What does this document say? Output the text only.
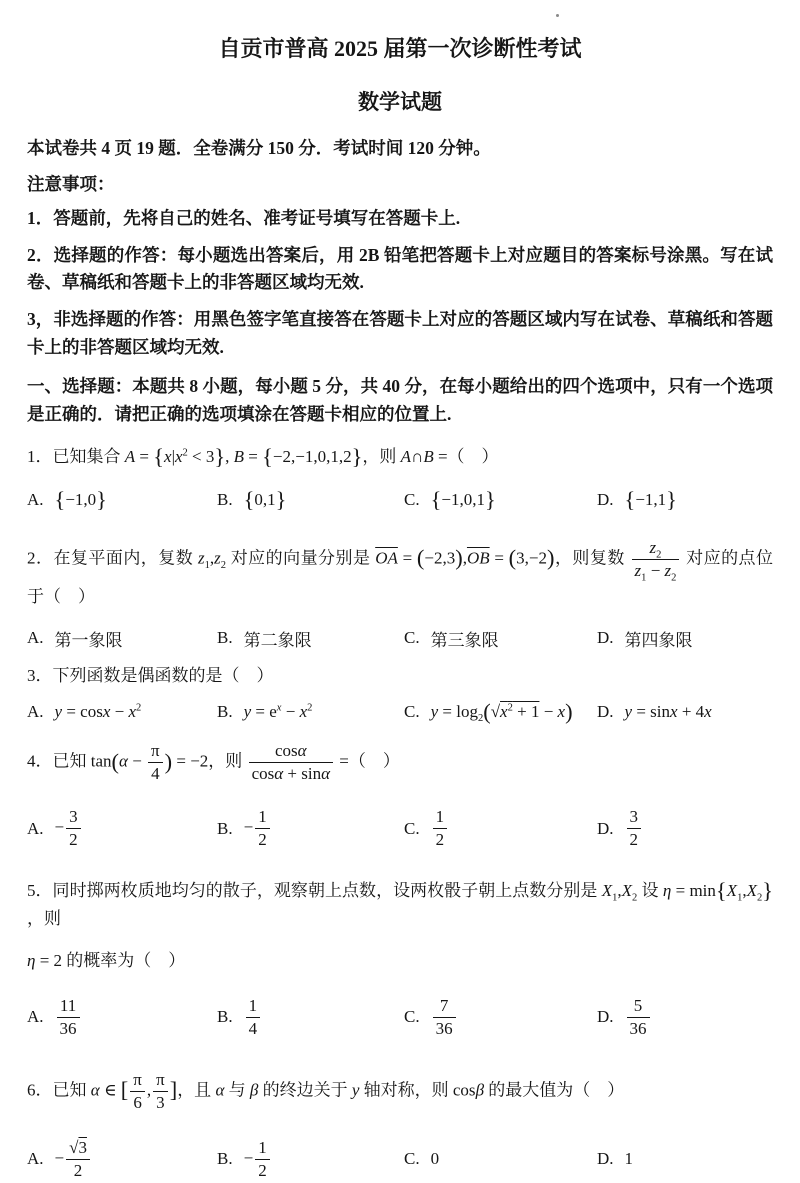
自贡市普高 2025 届第一次诊断性考试
数学试题
本试卷共 4 页 19 题．全卷满分 150 分．考试时间 120 分钟。
注意事项：
1．答题前，先将自己的姓名、准考证号填写在答题卡上.
2．选择题的作答：每小题选出答案后，用 2B 铅笔把答题卡上对应题目的答案标号涂黑。写在试卷、草稿纸和答题卡上的非答题区域均无效.
3，非选择题的作答：用黑色签字笔直接答在答题卡上对应的答题区域内写在试卷、草稿纸和答题卡上的非答题区域均无效.
一、选择题：本题共 8 小题，每小题 5 分，共 40 分，在每小题给出的四个选项中，只有一个选项是正确的．请把正确的选项填涂在答题卡相应的位置上.
1．已知集合 $A = \{x|x^2 < 3\}$, B = {−2,−1,0,1,2}，则 A∩B =（　）
A. {−1,0}	B. {0,1}	C. {−1,0,1}	D. {−1,1}
2．在复平面内，复数 $z_1,z_2$ 对应的向量分别是 $\overline{OA} = (-2,3),\overline{OB} = (3,-2)$，则复数 $\frac{z_2}{z_1 - z_2}$ 对应的点位于（　）
A. 第一象限	B. 第二象限	C. 第三象限	D. 第四象限
3．下列函数是偶函数的是（　）
A. $y = \cos x - x^2$	B. $y = e^x - x^2$	C. $y = \log_2(√x^2 + 1 - x)$ D. y = sinx + 4x
4．已知 $\tan(\alpha - \frac{\pi}{4}$ ) = −2，则 $\frac{\cos\alpha}{\cos\alpha + \sin\alpha}$ =（　）
A. − $\frac{3}{2}$	B. − $\frac{1}{2}$	C. $\frac{1}{2}$	D. $\frac{3}{2}$
5．同时掷两枚质地均匀的散子，观察朝上点数，设两枚骰子朝上点数分别是 $X_1,X_2$ 设 $\eta = \min\{X_1,X_2\}$，则
η = 2 的概率为（　）
A. $\frac{11}{36}$	B. $\frac{1}{4}$	C. $\frac{7}{36}$	D. $\frac{5}{36}$
6．已知 α ∈ [ $\frac{\pi}{6}$ , $\frac{\pi}{3}$ ]，且 α 与 β 的终边关于 y 轴对称，则 cosβ 的最大值为（　）
A. − $\frac{√3}{2}$	B. − $\frac{1}{2}$	C. 0	D. 1
